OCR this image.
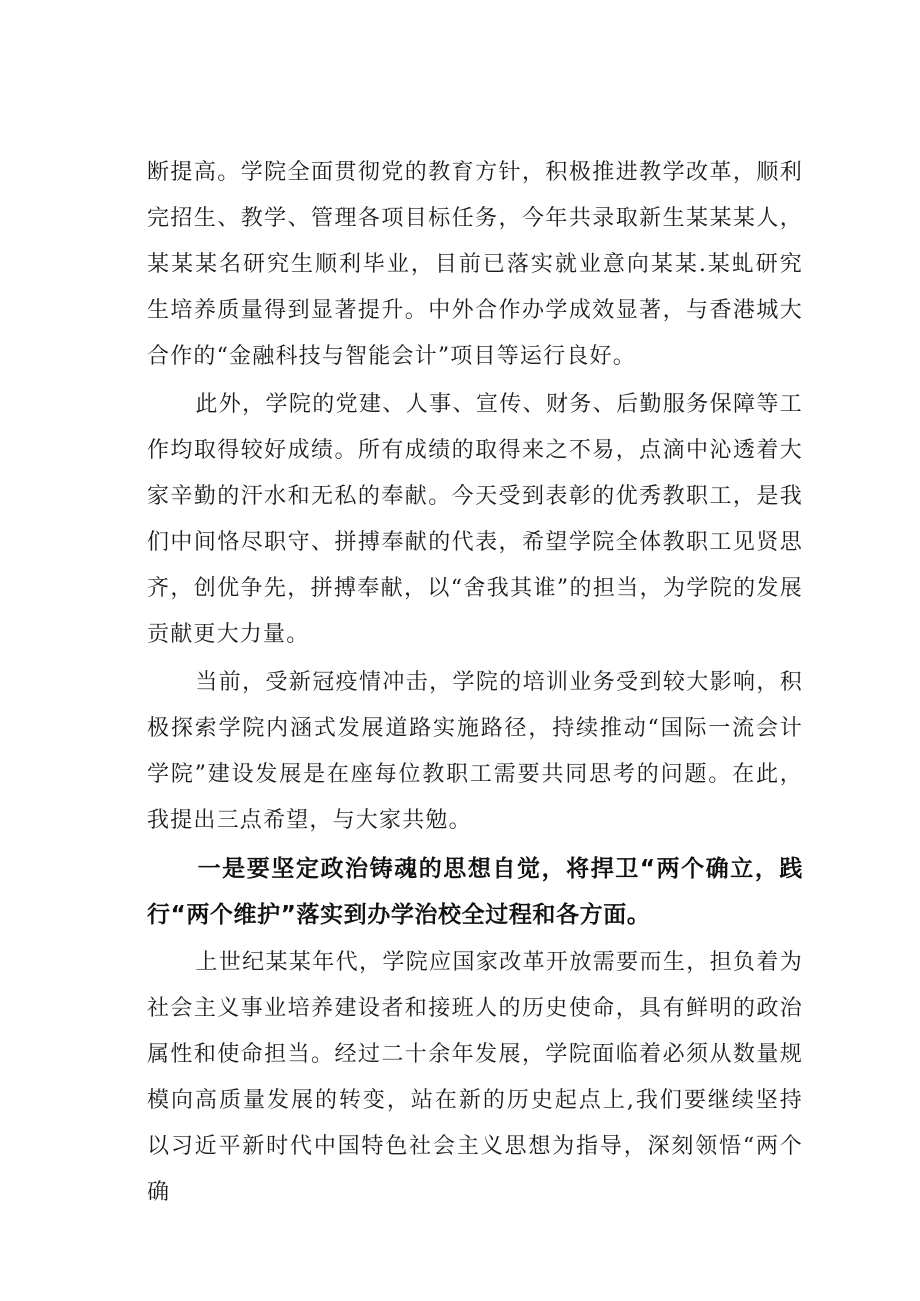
断提高。学院全面贯彻党的教育方针，积极推进教学改革，顺利完招生、教学、管理各项目标任务，今年共录取新生某某某人，某某某名研究生顺利毕业，目前已落实就业意向某某.某虬研究生培养质量得到显著提升。中外合作办学成效显著，与香港城大合作的“金融科技与智能会计”项目等运行良好。

此外，学院的党建、人事、宣传、财务、后勤服务保障等工作均取得较好成绩。所有成绩的取得来之不易，点滴中沁透着大家辛勤的汗水和无私的奉献。今天受到表彰的优秀教职工，是我们中间恪尽职守、拼搏奉献的代表，希望学院全体教职工见贤思齐，创优争先，拼搏奉献，以“舍我其谁”的担当，为学院的发展贡献更大力量。

当前，受新冠疫情冲击，学院的培训业务受到较大影响，积极探索学院内涵式发展道路实施路径，持续推动“国际一流会计学院”建设发展是在座每位教职工需要共同思考的问题。在此，我提出三点希望，与大家共勉。

一是要坚定政治铸魂的思想自觉，将捍卫“两个确立，践行“两个维护”落实到办学治校全过程和各方面。

上世纪某某年代，学院应国家改革开放需要而生，担负着为社会主义事业培养建设者和接班人的历史使命，具有鲜明的政治属性和使命担当。经过二十余年发展，学院面临着必须从数量规模向高质量发展的转变，站在新的历史起点上,我们要继续坚持以习近平新时代中国特色社会主义思想为指导，深刻领悟“两个确
